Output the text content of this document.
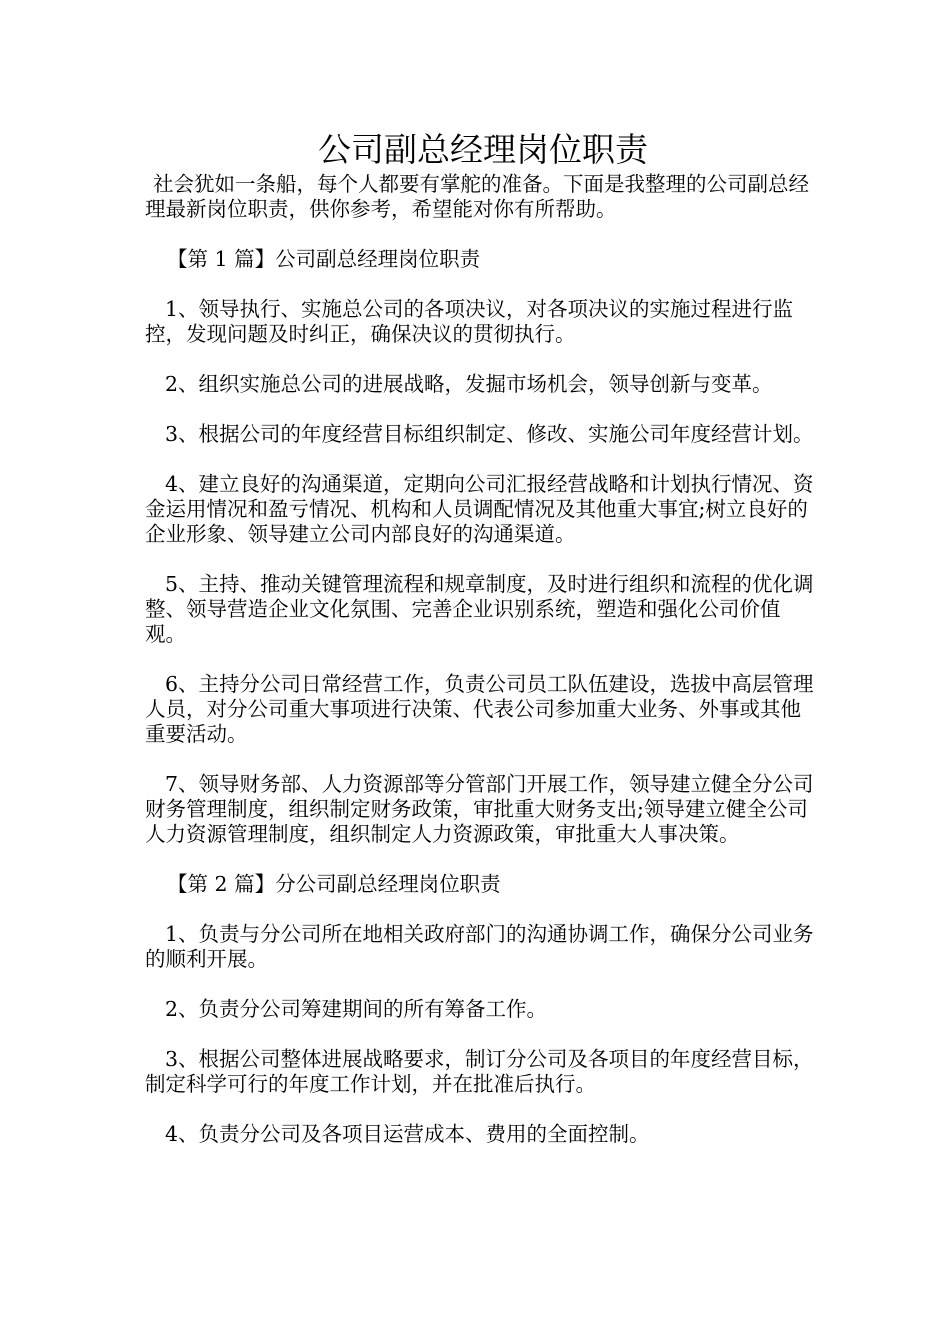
公司副总经理岗位职责

社会犹如一条船，每个人都要有掌舵的准备。下面是我整理的公司副总经理最新岗位职责，供你参考，希望能对你有所帮助。

【第 1 篇】公司副总经理岗位职责

1、领导执行、实施总公司的各项决议，对各项决议的实施过程进行监控，发现问题及时纠正，确保决议的贯彻执行。

2、组织实施总公司的进展战略，发掘市场机会，领导创新与变革。

3、根据公司的年度经营目标组织制定、修改、实施公司年度经营计划。

4、建立良好的沟通渠道，定期向公司汇报经营战略和计划执行情况、资金运用情况和盈亏情况、机构和人员调配情况及其他重大事宜;树立良好的企业形象、领导建立公司内部良好的沟通渠道。

5、主持、推动关键管理流程和规章制度，及时进行组织和流程的优化调整、领导营造企业文化氛围、完善企业识别系统，塑造和强化公司价值观。

6、主持分公司日常经营工作，负责公司员工队伍建设，选拔中高层管理人员，对分公司重大事项进行决策、代表公司参加重大业务、外事或其他重要活动。

7、领导财务部、人力资源部等分管部门开展工作，领导建立健全分公司财务管理制度，组织制定财务政策，审批重大财务支出;领导建立健全公司人力资源管理制度，组织制定人力资源政策，审批重大人事决策。

【第 2 篇】分公司副总经理岗位职责

1、负责与分公司所在地相关政府部门的沟通协调工作，确保分公司业务的顺利开展。

2、负责分公司筹建期间的所有筹备工作。

3、根据公司整体进展战略要求，制订分公司及各项目的年度经营目标，制定科学可行的年度工作计划，并在批准后执行。

4、负责分公司及各项目运营成本、费用的全面控制。
